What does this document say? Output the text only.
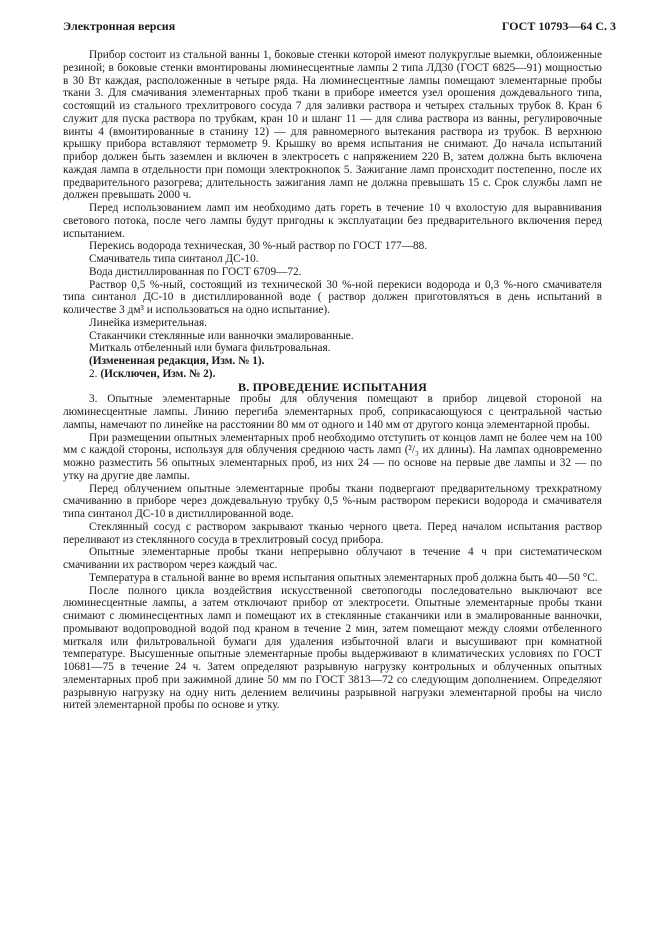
Электронная версия	ГОСТ 10793—64 С. 3

Прибор состоит из стальной ванны 1, боковые стенки которой имеют полукруглые выемки, облоиженные резиной; в боковые стенки вмонтированы люминесцентные лампы 2 типа ЛД30 (ГОСТ 6825—91) мощностью в 30 Вт каждая, расположенные в четыре ряда. На люминесцентные лампы помещают элементарные пробы ткани 3. Для смачивания элементарных проб ткани в приборе имеется узел орошения дождевального типа, состоящий из стального трехлитрового сосуда 7 для заливки раствора и четырех стальных трубок 8. Кран 6 служит для пуска раствора по трубкам, кран 10 и шланг 11 — для слива раствора из ванны, регулировочные винты 4 (вмонтированные в станину 12) — для равномерного вытекания раствора из трубок. В верхнюю крышку прибора вставляют термометр 9. Крышку во время испытания не снимают. До начала испытаний прибор должен быть заземлен и включен в электросеть с напряжением 220 В, затем должна быть включена каждая лампа в отдельности при помощи электрокнопок 5. Зажигание ламп происходит постепенно, после их предварительного разогрева; длительность зажигания ламп не должна превышать 15 с. Срок службы ламп не должен превышать 2000 ч.

Перед использованием ламп им необходимо дать гореть в течение 10 ч вхолостую для выравнивания светового потока, после чего лампы будут пригодны к эксплуатации без предварительного включения перед испытанием.

Перекись водорода техническая, 30 %-ный раствор по ГОСТ 177—88.

Смачиватель типа синтанол ДС-10.

Вода дистиллированная по ГОСТ 6709—72.

Раствор 0,5 %-ный, состоящий из технической 30 %-ной перекиси водорода и 0,3 %-ного смачивателя типа синтанол ДС-10 в дистиллированной воде ( раствор должен приготовляться в день испытаний в количестве 3 дм³ и использоваться на одно испытание).

Линейка измерительная.

Стаканчики стеклянные или ванночки эмалированные.

Миткаль отбеленный или бумага фильтровальная.

(Измененная редакция, Изм. № 1).

2. (Исключен, Изм. № 2).

В. ПРОВЕДЕНИЕ ИСПЫТАНИЯ

3. Опытные элементарные пробы для облучения помещают в прибор лицевой стороной на люминесцентные лампы. Линию перегиба элементарных проб, соприкасающуюся с центральной частью лампы, намечают по линейке на расстоянии 80 мм от одного и 140 мм от другого конца элементарной пробы.

При размещении опытных элементарных проб необходимо отступить от концов ламп не более чем на 100 мм с каждой стороны, используя для облучения среднюю часть ламп (²/₃ их длины). На лампах одновременно можно разместить 56 опытных элементарных проб, из них 24 — по основе на первые две лампы и 32 — по утку на другие две лампы.

Перед облучением опытные элементарные пробы ткани подвергают предварительному трехкратному смачиванию в приборе через дождевальную трубку 0,5 %-ным раствором перекиси водорода и смачивателя типа синтанол ДС-10 в дистиллированной воде.

Стеклянный сосуд с раствором закрывают тканью черного цвета. Перед началом испытания раствор переливают из стеклянного сосуда в трехлитровый сосуд прибора.

Опытные элементарные пробы ткани непрерывно облучают в течение 4 ч при систематическом смачивании их раствором через каждый час.

Температура в стальной ванне во время испытания опытных элементарных проб должна быть 40—50 °С.

После полного цикла воздействия искусственной светопогоды последовательно выключают все люминесцентные лампы, а затем отключают прибор от электросети. Опытные элементарные пробы ткани снимают с люминесцентных ламп и помещают их в стеклянные стаканчики или в эмалированные ванночки, промывают водопроводной водой под краном в течение 2 мин, затем помещают между слоями отбеленного миткаля или фильтровальной бумаги для удаления избыточной влаги и высушивают при комнатной температуре. Высушенные опытные элементарные пробы выдерживают в климатических условиях по ГОСТ 10681—75 в течение 24 ч. Затем определяют разрывную нагрузку контрольных и облученных опытных элементарных проб при зажимной длине 50 мм по ГОСТ 3813—72 со следующим дополнением. Определяют разрывную нагрузку на одну нить делением величины разрывной нагрузки элементарной пробы на число нитей элементарной пробы по основе и утку.
